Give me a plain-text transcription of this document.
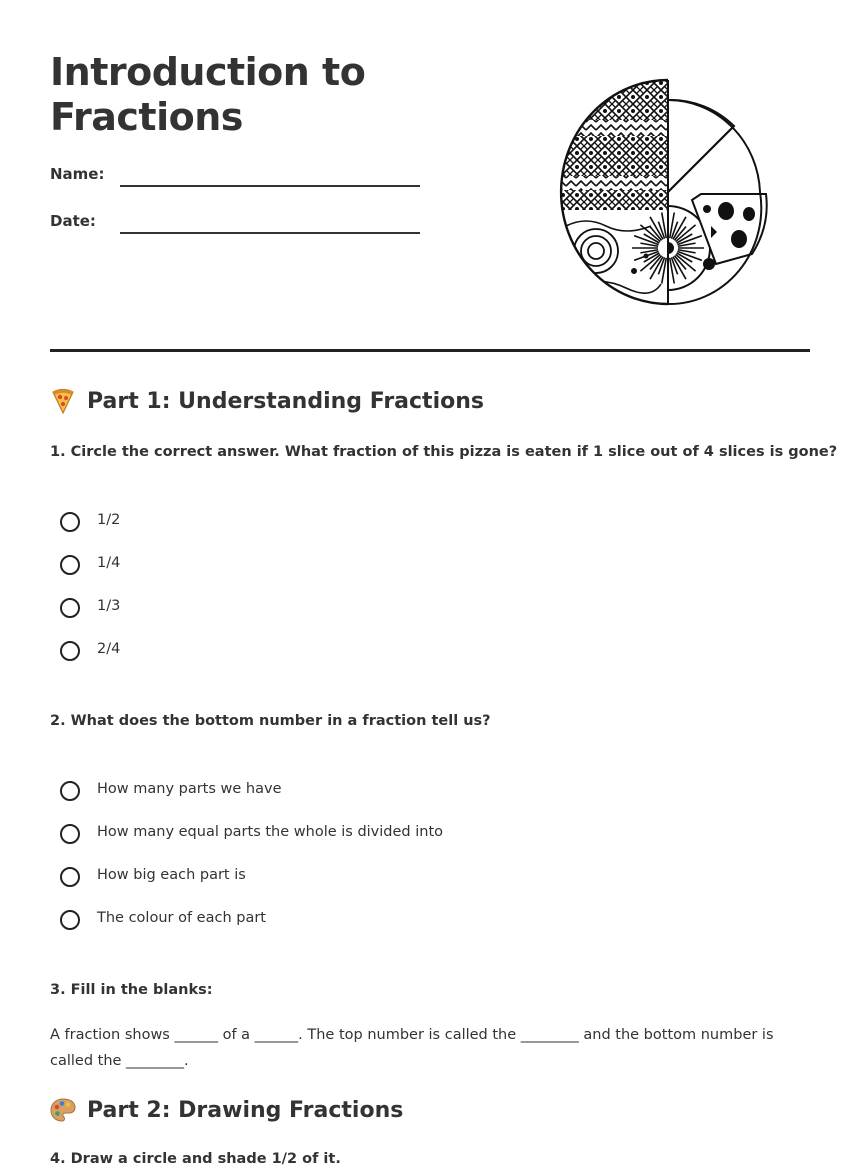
Introduction to Fractions
Name:
Date:
Part 1: Understanding Fractions

1. Circle the correct answer. What fraction of this pizza is eaten if 1 slice out of 4 slices is gone?

1/2
1/4
1/3
2/4

2. What does the bottom number in a fraction tell us?

How many parts we have
How many equal parts the whole is divided into
How big each part is
The colour of each part

3. Fill in the blanks:

A fraction shows ______ of a ______. The top number is called the ________ and the bottom number is called the ________.

Part 2: Drawing Fractions

4. Draw a circle and shade 1/2 of it.
